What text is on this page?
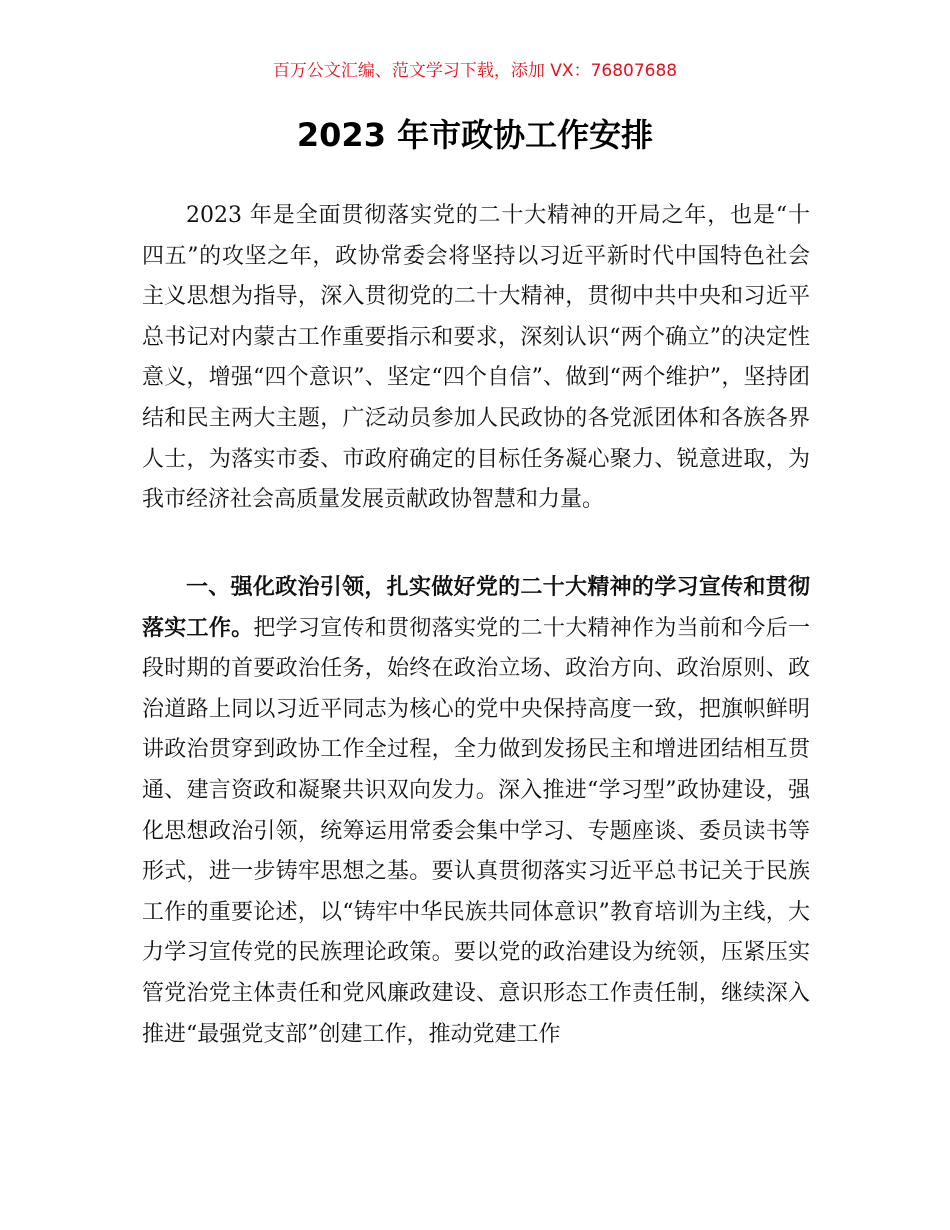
百万公文汇编、范文学习下载，添加 VX：76807688
2023 年市政协工作安排

2023 年是全面贯彻落实党的二十大精神的开局之年，也是“十四五”的攻坚之年，政协常委会将坚持以习近平新时代中国特色社会主义思想为指导，深入贯彻党的二十大精神，贯彻中共中央和习近平总书记对内蒙古工作重要指示和要求，深刻认识“两个确立”的决定性意义，增强“四个意识”、坚定“四个自信”、做到“两个维护”，坚持团结和民主两大主题，广泛动员参加人民政协的各党派团体和各族各界人士，为落实市委、市政府确定的目标任务凝心聚力、锐意进取，为我市经济社会高质量发展贡献政协智慧和力量。

一、强化政治引领，扎实做好党的二十大精神的学习宣传和贯彻落实工作。把学习宣传和贯彻落实党的二十大精神作为当前和今后一段时期的首要政治任务，始终在政治立场、政治方向、政治原则、政治道路上同以习近平同志为核心的党中央保持高度一致，把旗帜鲜明讲政治贯穿到政协工作全过程，全力做到发扬民主和增进团结相互贯通、建言资政和凝聚共识双向发力。深入推进“学习型”政协建设，强化思想政治引领，统筹运用常委会集中学习、专题座谈、委员读书等形式，进一步铸牢思想之基。要认真贯彻落实习近平总书记关于民族工作的重要论述，以“铸牢中华民族共同体意识”教育培训为主线，大力学习宣传党的民族理论政策。要以党的政治建设为统领，压紧压实管党治党主体责任和党风廉政建设、意识形态工作责任制，继续深入推进“最强党支部”创建工作，推动党建工作
